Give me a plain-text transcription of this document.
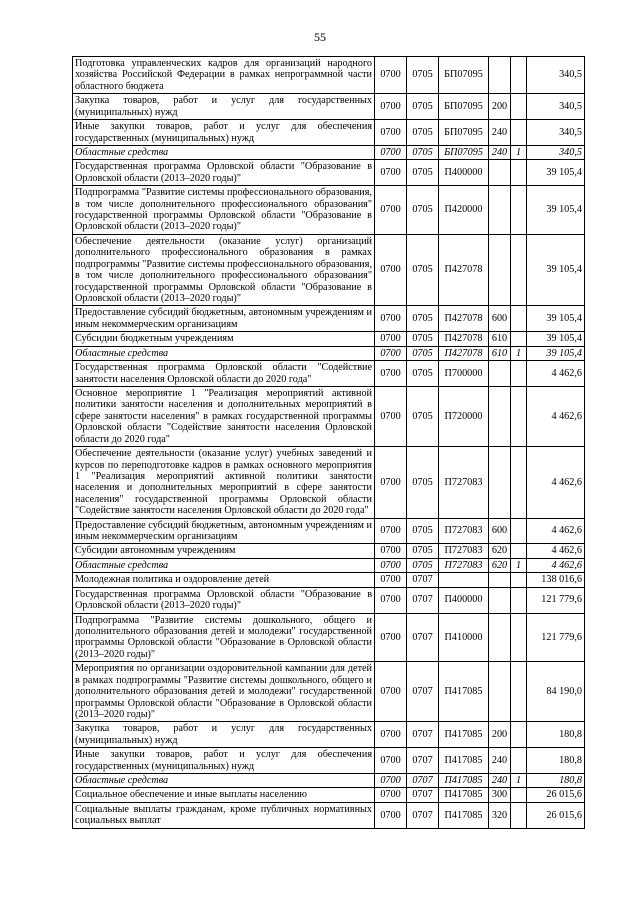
55
Подготовка управленческих кадров для организаций народного хозяйства Российской Федерации в рамках непрограммной части областного бюджета	0700	0705	БП07095			340,5
Закупка товаров, работ и услуг для государственных (муниципальных) нужд	0700	0705	БП07095	200		340,5
Иные закупки товаров, работ и услуг для обеспечения государственных (муниципальных) нужд	0700	0705	БП07095	240		340,5
Областные средства	0700	0705	БП07095	240	1	340,5
Государственная программа Орловской области "Образование в Орловской области (2013–2020 годы)"	0700	0705	П400000			39 105,4
Подпрограмма "Развитие системы профессионального образования, в том числе дополнительного профессионального образования" государственной программы Орловской области "Образование в Орловской области (2013–2020 годы)"	0700	0705	П420000			39 105,4
Обеспечение деятельности (оказание услуг) организаций дополнительного профессионального образования в рамках подпрограммы "Развитие системы профессионального образования, в том числе дополнительного профессионального образования" государственной программы Орловской области "Образование в Орловской области (2013–2020 годы)"	0700	0705	П427078			39 105,4
Предоставление субсидий бюджетным, автономным учреждениям и иным некоммерческим организациям	0700	0705	П427078	600		39 105,4
Субсидии бюджетным учреждениям	0700	0705	П427078	610		39 105,4
Областные средства	0700	0705	П427078	610	1	39 105,4
Государственная программа Орловской области "Содействие занятости населения Орловской области до 2020 года"	0700	0705	П700000			4 462,6
Основное мероприятие 1 "Реализация мероприятий активной политики занятости населения и дополнительных мероприятий в сфере занятости населения" в рамках государственной программы Орловской области "Содействие занятости населения Орловской области до 2020 года"	0700	0705	П720000			4 462,6
Обеспечение деятельности (оказание услуг) учебных заведений и курсов по переподготовке кадров в рамках основного мероприятия 1 "Реализация мероприятий активной политики занятости населения и дополнительных мероприятий в сфере занятости населения" государственной программы Орловской области "Содействие занятости населения Орловской области до 2020 года"	0700	0705	П727083			4 462,6
Предоставление субсидий бюджетным, автономным учреждениям и иным некоммерческим организациям	0700	0705	П727083	600		4 462,6
Субсидии автономным учреждениям	0700	0705	П727083	620		4 462,6
Областные средства	0700	0705	П727083	620	1	4 462,6
Молодежная политика и оздоровление детей	0700	0707				138 016,6
Государственная программа Орловской области "Образование в Орловской области (2013–2020 годы)"	0700	0707	П400000			121 779,6
Подпрограмма "Развитие системы дошкольного, общего и дополнительного образования детей и молодежи" государственной программы Орловской области "Образование в Орловской области (2013–2020 годы)"	0700	0707	П410000			121 779,6
Мероприятия по организации оздоровительной кампании для детей в рамках подпрограммы "Развитие системы дошкольного, общего и дополнительного образования детей и молодежи" государственной программы Орловской области "Образование в Орловской области (2013–2020 годы)"	0700	0707	П417085			84 190,0
Закупка товаров, работ и услуг для государственных (муниципальных) нужд	0700	0707	П417085	200		180,8
Иные закупки товаров, работ и услуг для обеспечения государственных (муниципальных) нужд	0700	0707	П417085	240		180,8
Областные средства	0700	0707	П417085	240	1	180,8
Социальное обеспечение и иные выплаты населению	0700	0707	П417085	300		26 015,6
Социальные выплаты гражданам, кроме публичных нормативных социальных выплат	0700	0707	П417085	320		26 015,6
